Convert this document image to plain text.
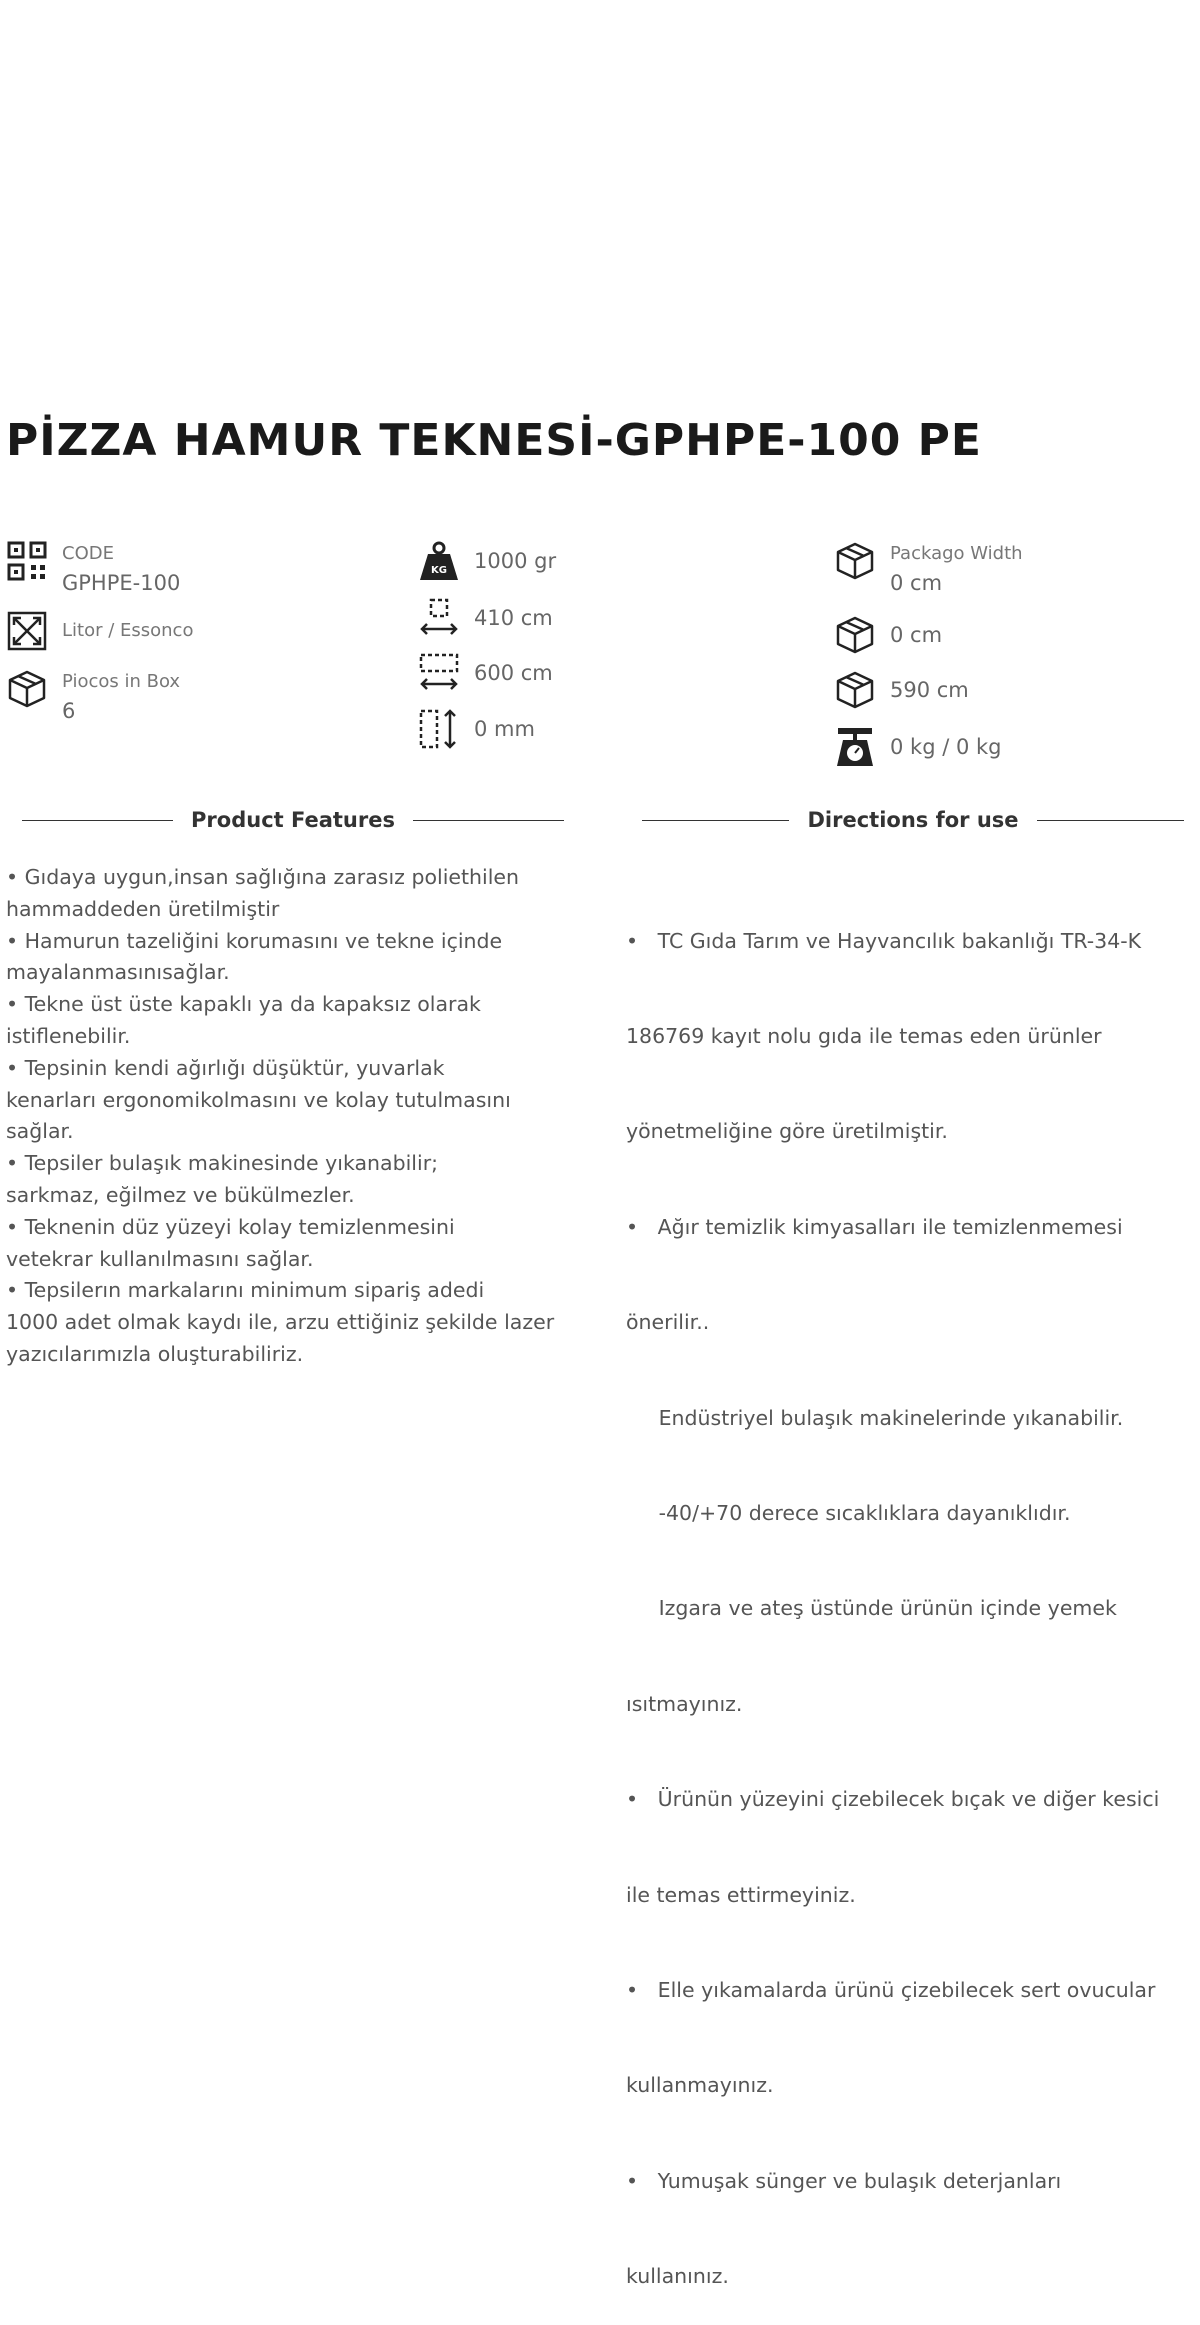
PİZZA HAMUR TEKNESİ-GPHPE-100 PE
CODE
GPHPE-100
Litor / Essonco
Piocos in Box
6
KG 1000 gr
410 cm
600 cm
0 mm
Packago Width
0 cm
0 cm
590 cm
0 kg / 0 kg
Product Features	Directions for use

• Gıdaya uygun,insan sağlığına zarasız poliethilen

hammaddeden üretilmiştir

• Hamurun tazeliğini korumasını ve tekne içinde

mayalanmasınısağlar.

• Tekne üst üste kapaklı ya da kapaksız olarak

istiflenebilir.

• Tepsinin kendi ağırlığı düşüktür, yuvarlak

kenarları ergonomikolmasını ve kolay tutulmasını

sağlar.

• Tepsiler bulaşık makinesinde yıkanabilir;

sarkmaz, eğilmez ve bükülmezler.

• Teknenin düz yüzeyi kolay temizlenmesini

vetekrar kullanılmasını sağlar.

• Tepsilerın markalarını minimum sipariş adedi

1000 adet olmak kaydı ile, arzu ettiğiniz şekilde lazer

yazıcılarımızla oluşturabiliriz.

•   TC Gıda Tarım ve Hayvancılık bakanlığı TR-34-K

186769 kayıt nolu gıda ile temas eden ürünler

yönetmeliğine göre üretilmiştir.

•   Ağır temizlik kimyasalları ile temizlenmemesi

önerilir..

Endüstriyel bulaşık makinelerinde yıkanabilir.

-40/+70 derece sıcaklıklara dayanıklıdır.

Izgara ve ateş üstünde ürünün içinde yemek

ısıtmayınız.

•   Ürünün yüzeyini çizebilecek bıçak ve diğer kesici

ile temas ettirmeyiniz.

•   Elle yıkamalarda ürünü çizebilecek sert ovucular

kullanmayınız.

•   Yumuşak sünger ve bulaşık deterjanları

kullanınız.
